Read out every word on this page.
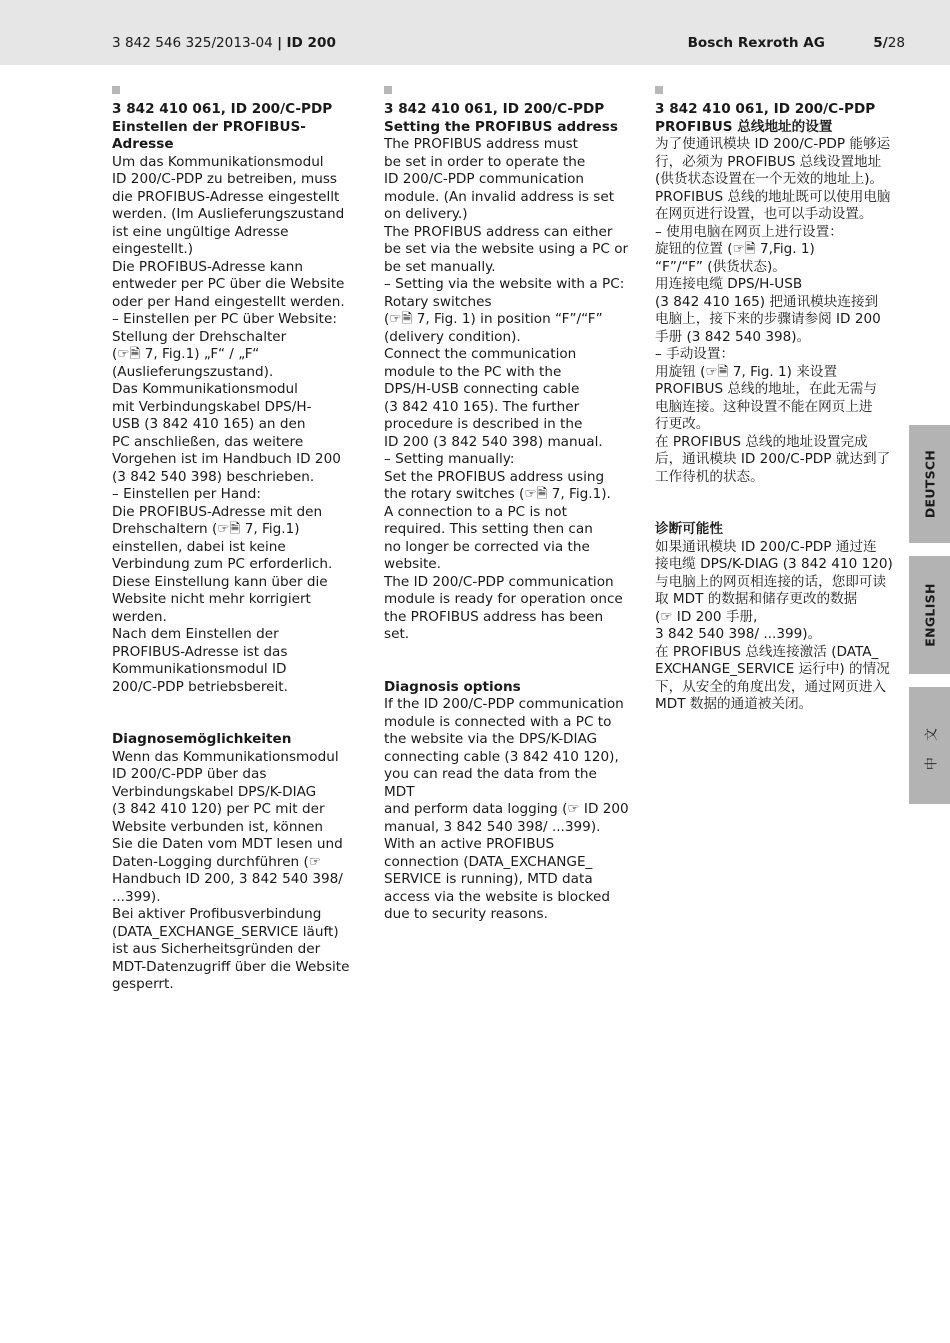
3 842 546 325/2013-04 | ID 200	Bosch Rexroth AG	5/28
3 842 410 061, ID 200/C-PDP
Einstellen der PROFIBUS-Adresse

Um das Kommunikationsmodul
ID 200/C-PDP zu betreiben, muss
die PROFIBUS-Adresse eingestellt
werden. (Im Auslieferungszustand
ist eine ungültige Adresse
eingestellt.)
Die PROFIBUS-Adresse kann
entweder per PC über die Website
oder per Hand eingestellt werden.
– Einstellen per PC über Website:
Stellung der Drehschalter
(☞🗎 7, Fig.1) „F“ / „F“
(Auslieferungszustand).
Das Kommunikationsmodul
mit Verbindungskabel DPS/H-
USB (3 842 410 165) an den
PC anschließen, das weitere
Vorgehen ist im Handbuch ID 200
(3 842 540 398) beschrieben.
– Einstellen per Hand:
Die PROFIBUS-Adresse mit den
Drehschaltern (☞🗎 7, Fig.1)
einstellen, dabei ist keine
Verbindung zum PC erforderlich.
Diese Einstellung kann über die
Website nicht mehr korrigiert
werden.
Nach dem Einstellen der
PROFIBUS-Adresse ist das
Kommunikationsmodul ID
200/C-PDP betriebsbereit.

Diagnosemöglichkeiten

Wenn das Kommunikationsmodul
ID 200/C-PDP über das
Verbindungskabel DPS/K-DIAG
(3 842 410 120) per PC mit der
Website verbunden ist, können
Sie die Daten vom MDT lesen und
Daten-Logging durchführen (☞
Handbuch ID 200, 3 842 540 398/
...399).
Bei aktiver Profibusverbindung
(DATA_EXCHANGE_SERVICE läuft)
ist aus Sicherheitsgründen der
MDT-Datenzugriff über die Website
gesperrt.

3 842 410 061, ID 200/C-PDP
Setting the PROFIBUS address

The PROFIBUS address must
be set in order to operate the
ID 200/C-PDP communication
module. (An invalid address is set
on delivery.)
The PROFIBUS address can either
be set via the website using a PC or
be set manually.
– Setting via the website with a PC:
Rotary switches
(☞🗎 7, Fig. 1) in position “F”/“F”
(delivery condition).
Connect the communication
module to the PC with the
DPS/H-USB connecting cable
(3 842 410 165). The further
procedure is described in the
ID 200 (3 842 540 398) manual.
– Setting manually:
Set the PROFIBUS address using
the rotary switches (☞🗎 7, Fig.1).
A connection to a PC is not
required. This setting then can
no longer be corrected via the
website.
The ID 200/C-PDP communication
module is ready for operation once
the PROFIBUS address has been
set.

Diagnosis options

If the ID 200/C-PDP communication
module is connected with a PC to
the website via the DPS/K-DIAG
connecting cable (3 842 410 120),
you can read the data from the MDT
and perform data logging (☞ ID 200
manual, 3 842 540 398/ ...399).
With an active PROFIBUS
connection (DATA_EXCHANGE_
SERVICE is running), MTD data
access via the website is blocked
due to security reasons.

3 842 410 061, ID 200/C-PDP
PROFIBUS 总线地址的设置

为了使通讯模块 ID 200/C-PDP 能够运
行，必须为 PROFIBUS 总线设置地址
(供货状态设置在一个无效的地址上)。
PROFIBUS 总线的地址既可以使用电脑
在网页进行设置，也可以手动设置。
– 使用电脑在网页上进行设置：
旋钮的位置 (☞🗎 7,Fig. 1)
“F”/“F” (供货状态)。
用连接电缆 DPS/H-USB
(3 842 410 165) 把通讯模块连接到
电脑上，接下来的步骤请参阅 ID 200
手册 (3 842 540 398)。
– 手动设置：
用旋钮 (☞🗎 7, Fig. 1) 来设置
PROFIBUS 总线的地址，在此无需与
电脑连接。这种设置不能在网页上进
行更改。
在 PROFIBUS 总线的地址设置完成
后，通讯模块 ID 200/C-PDP 就达到了
工作待机的状态。

诊断可能性

如果通讯模块 ID 200/C-PDP 通过连
接电缆 DPS/K-DIAG (3 842 410 120)
与电脑上的网页相连接的话，您即可读
取 MDT 的数据和储存更改的数据
(☞ ID 200 手册,
3 842 540 398/ ...399)。
在 PROFIBUS 总线连接激活 (DATA_
EXCHANGE_SERVICE 运行中) 的情况
下，从安全的角度出发，通过网页进入
MDT 数据的通道被关闭。

DEUTSCH
ENGLISH
中 文
